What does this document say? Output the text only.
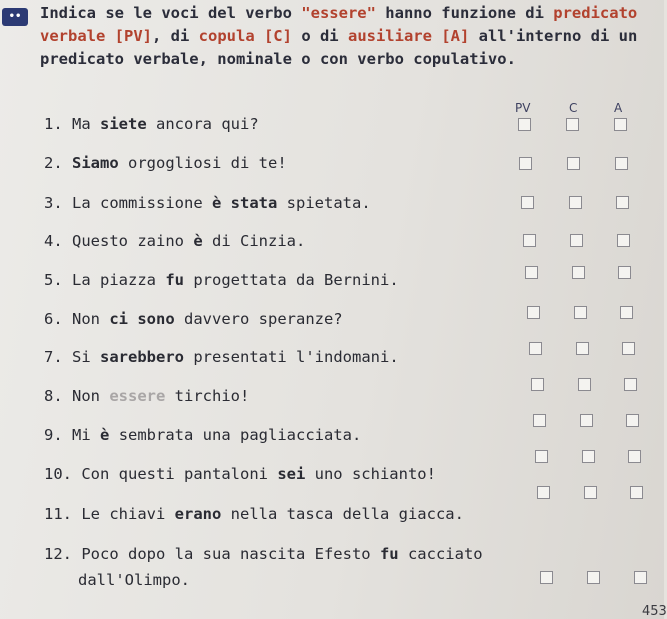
••	Indica se le voci del verbo "essere" hanno funzione di predicato verbale [PV], di copula [C] o di ausiliare [A] all'interno di un predicato verbale, nominale o con verbo copulativo.
PV	C	A
1. Ma siete ancora qui?
2. Siamo orgogliosi di te!
3. La commissione è stata spietata.
4. Questo zaino è di Cinzia.
5. La piazza fu progettata da Bernini.
6. Non ci sono davvero speranze?
7. Si sarebbero presentati l'indomani.
8. Non essere tirchio!
9. Mi è sembrata una pagliacciata.
10. Con questi pantaloni sei uno schianto!
11. Le chiavi erano nella tasca della giacca.
12. Poco dopo la sua nascita Efesto fu cacciato
dall'Olimpo.
453
